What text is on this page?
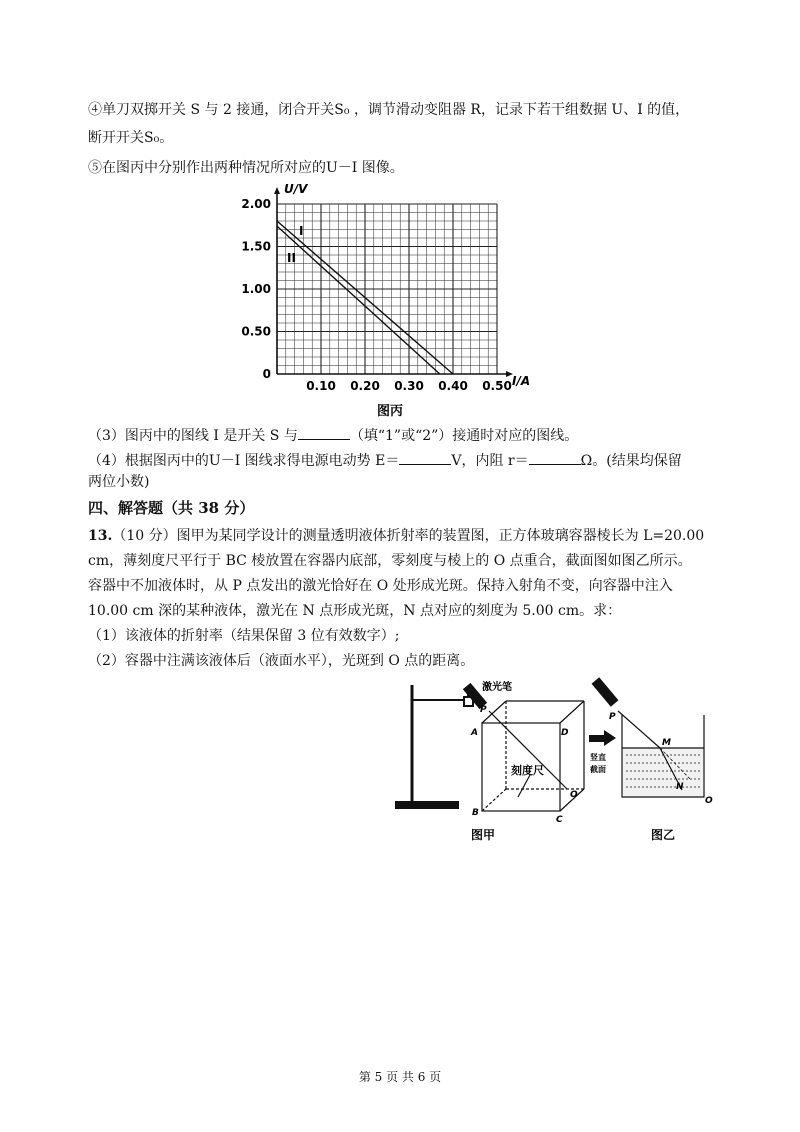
④单刀双掷开关 S 与 2 接通，闭合开关S₀ ，调节滑动变阻器 R，记录下若干组数据 U、I 的值，
断开开关S₀。
⑤在图丙中分别作出两种情况所对应的U－I 图像。
2.00
1.50
1.00
0.50
0
0.10 0.20 0.30 0.40 0.50
U/V
I/A
I
II
图丙
（3）图丙中的图线 I 是开关 S 与	（填“1”或“2”）接通时对应的图线。
（4）根据图丙中的U－I 图线求得电源电动势 E＝	V，内阻 r＝	Ω。(结果均保留
两位小数)
四、解答题（共 38 分）
13.（10 分）图甲为某同学设计的测量透明液体折射率的装置图，正方体玻璃容器棱长为 L=20.00
cm，薄刻度尺平行于 BC 棱放置在容器内底部，零刻度与棱上的 O 点重合，截面图如图乙所示。
容器中不加液体时，从 P 点发出的激光恰好在 O 处形成光斑。保持入射角不变，向容器中注入
10.00 cm 深的某种液体，激光在 N 点形成光斑，N 点对应的刻度为 5.00 cm。求：
（1）该液体的折射率（结果保留 3 位有效数字）;
（2）容器中注满该液体后（液面水平），光斑到 O 点的距离。
激光笔
P
A	D
B
C
O
刻度尺
竖直
截面
P
M
N
O
图甲	图乙
第 5 页 共 6 页
